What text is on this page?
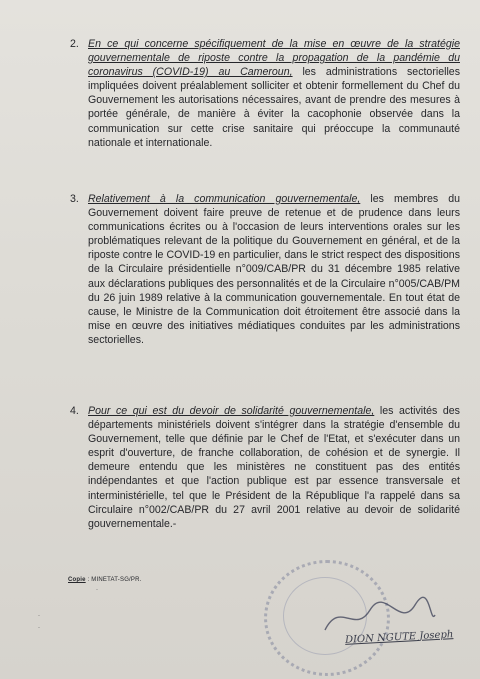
2. En ce qui concerne spécifiquement de la mise en œuvre de la stratégie gouvernementale de riposte contre la propagation de la pandémie du coronavirus (COVID-19) au Cameroun, les administrations sectorielles impliquées doivent préalablement solliciter et obtenir formellement du Chef du Gouvernement les autorisations nécessaires, avant de prendre des mesures à portée générale, de manière à éviter la cacophonie observée dans la communication sur cette crise sanitaire qui préoccupe la communauté nationale et internationale.
3. Relativement à la communication gouvernementale, les membres du Gouvernement doivent faire preuve de retenue et de prudence dans leurs communications écrites ou à l'occasion de leurs interventions orales sur les problématiques relevant de la politique du Gouvernement en général, et de la riposte contre le COVID-19 en particulier, dans le strict respect des dispositions de la Circulaire présidentielle n°009/CAB/PR du 31 décembre 1985 relative aux déclarations publiques des personnalités et de la Circulaire n°005/CAB/PM du 26 juin 1989 relative à la communication gouvernementale. En tout état de cause, le Ministre de la Communication doit étroitement être associé dans la mise en œuvre des initiatives médiatiques conduites par les administrations sectorielles.
4. Pour ce qui est du devoir de solidarité gouvernementale, les activités des départements ministériels doivent s'intégrer dans la stratégie d'ensemble du Gouvernement, telle que définie par le Chef de l'Etat, et s'exécuter dans un esprit d'ouverture, de franche collaboration, de cohésion et de synergie. Il demeure entendu que les ministères ne constituent pas des entités indépendantes et que l'action publique est par essence transversale et interministérielle, tel que le Président de la République l'a rappelé dans sa Circulaire n°002/CAB/PR du 27 avril 2001 relative au devoir de solidarité gouvernementale.-
Copie : MINETAT-SG/PR.
·
·
·
DION NGUTE Joseph
